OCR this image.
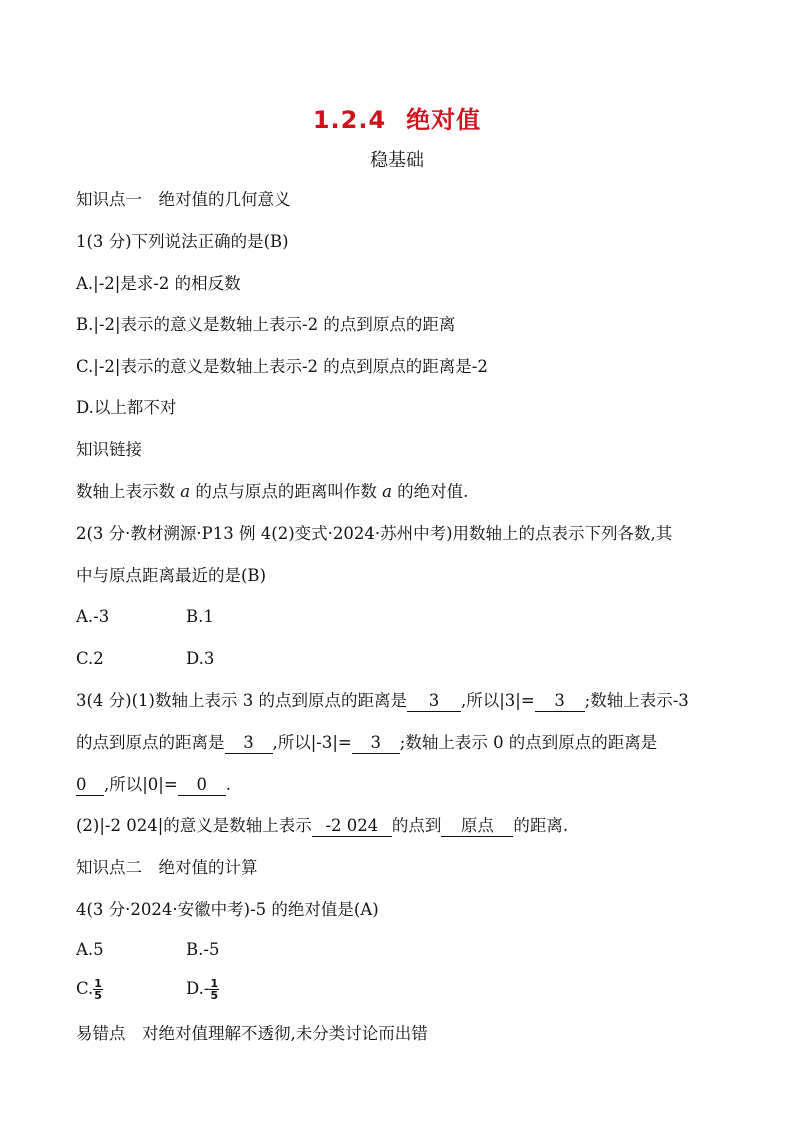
1.2.4 绝对值
稳基础
知识点一　绝对值的几何意义
1(3 分)下列说法正确的是(B)
A.|-2|是求-2 的相反数
B.|-2|表示的意义是数轴上表示-2 的点到原点的距离
C.|-2|表示的意义是数轴上表示-2 的点到原点的距离是-2
D.以上都不对
知识链接
数轴上表示数 a 的点与原点的距离叫作数 a 的绝对值.
2(3 分·教材溯源·P13 例 4(2)变式·2024·苏州中考)用数轴上的点表示下列各数,其
中与原点距离最近的是(B)
A.-3	B.1
C.2	D.3
3(4 分)(1)数轴上表示 3 的点到原点的距离是 3 ,所以|3|= 3 ;数轴上表示-3
的点到原点的距离是 3 ,所以|-3|= 3 ;数轴上表示 0 的点到原点的距离是
0 ,所以|0|= 0 .
(2)|-2 024|的意义是数轴上表示 -2 024 的点到 原点 的距离.
知识点二　绝对值的计算
4(3 分·2024·安徽中考)-5 的绝对值是(A)
A.5	B.-5
C. $\frac{1}{5}$	$D.- \frac{1}{5}$
易错点　对绝对值理解不透彻,未分类讨论而出错
